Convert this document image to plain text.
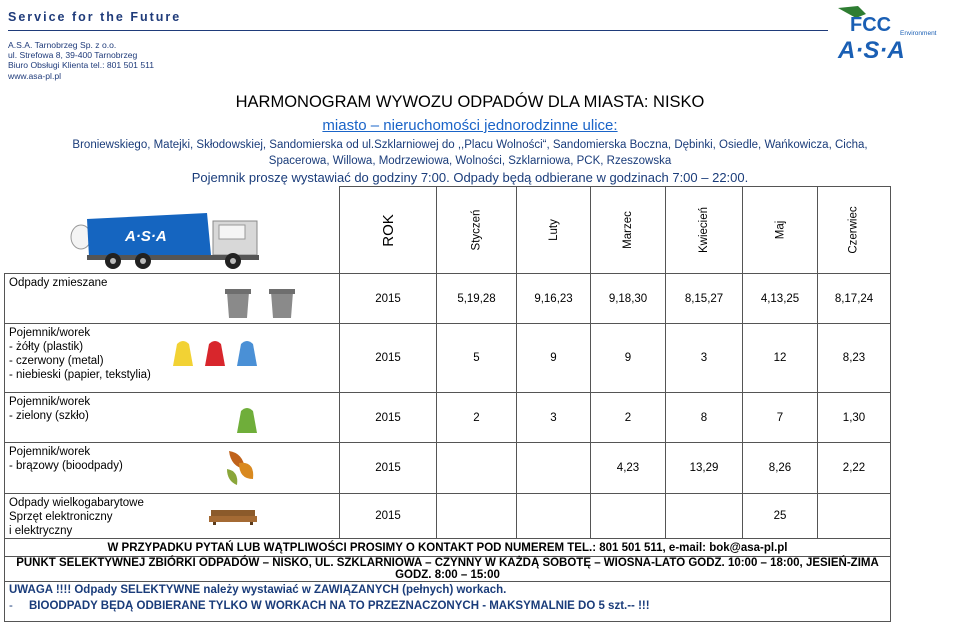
Service for the Future
A.S.A. Tarnobrzeg Sp. z o.o.
ul. Strefowa 8, 39-400 Tarnobrzeg
Biuro Obsługi Klienta tel.: 801 501 511
www.asa-pl.pl
FCC Environment
A·S·A
HARMONOGRAM WYWOZU ODPADÓW DLA MIASTA: NISKO
miasto – nieruchomości jednorodzinne ulice:
Broniewskiego, Matejki, Skłodowskiej, Sandomierska od ul.Szklarniowej do ,,Placu Wolności“, Sandomierska Boczna, Dębinki, Osiedle, Wańkowicza, Cicha,
Spacerowa, Willowa, Modrzewiowa, Wolności, Szklarniowa, PCK, Rzeszowska
Pojemnik proszę wystawiać do godziny 7:00. Odpady będą odbierane w godzinach 7:00 – 22:00.
A·S·A	ROK	Styczeń	Luty	Marzec	Kwiecień	Maj	Czerwiec

Odpady zmieszane	2015	5,19,28	9,16,23	9,18,30	8,15,27	4,13,25	8,17,24

Pojemnik/worek
- żółty (plastik)
- czerwony (metal)
- niebieski (papier, tekstylia)	2015	5	9	9	3	12	8,23

Pojemnik/worek
- zielony (szkło)	2015	2	3	2	8	7	1,30

Pojemnik/worek
- brązowy (bioodpady)	2015			4,23	13,29	8,26	2,22

Odpady wielkogabarytowe
Sprzęt elektroniczny
i elektryczny	2015					25	
W PRZYPADKU PYTAŃ LUB WĄTPLIWOŚCI PROSIMY O KONTAKT POD NUMEREM TEL.: 801 501 511, e-mail: bok@asa-pl.pl							
PUNKT SELEKTYWNEJ ZBIÓRKI ODPADÓW – NISKO, UL. SZKLARNIOWA – CZYNNY W KAŻDĄ SOBOTĘ – WIOSNA-LATO GODZ. 10:00 – 18:00, JESIEŃ-ZIMA GODZ. 8:00 – 15:00							

UWAGA !!!! Odpady SELEKTYWNE należy wystawiać w ZAWIĄZANYCH (pełnych) workach.
- BIOODPADY BĘDĄ ODBIERANE TYLKO W WORKACH NA TO PRZEZNACZONYCH - MAKSYMALNIE DO 5 szt.-- !!!							
